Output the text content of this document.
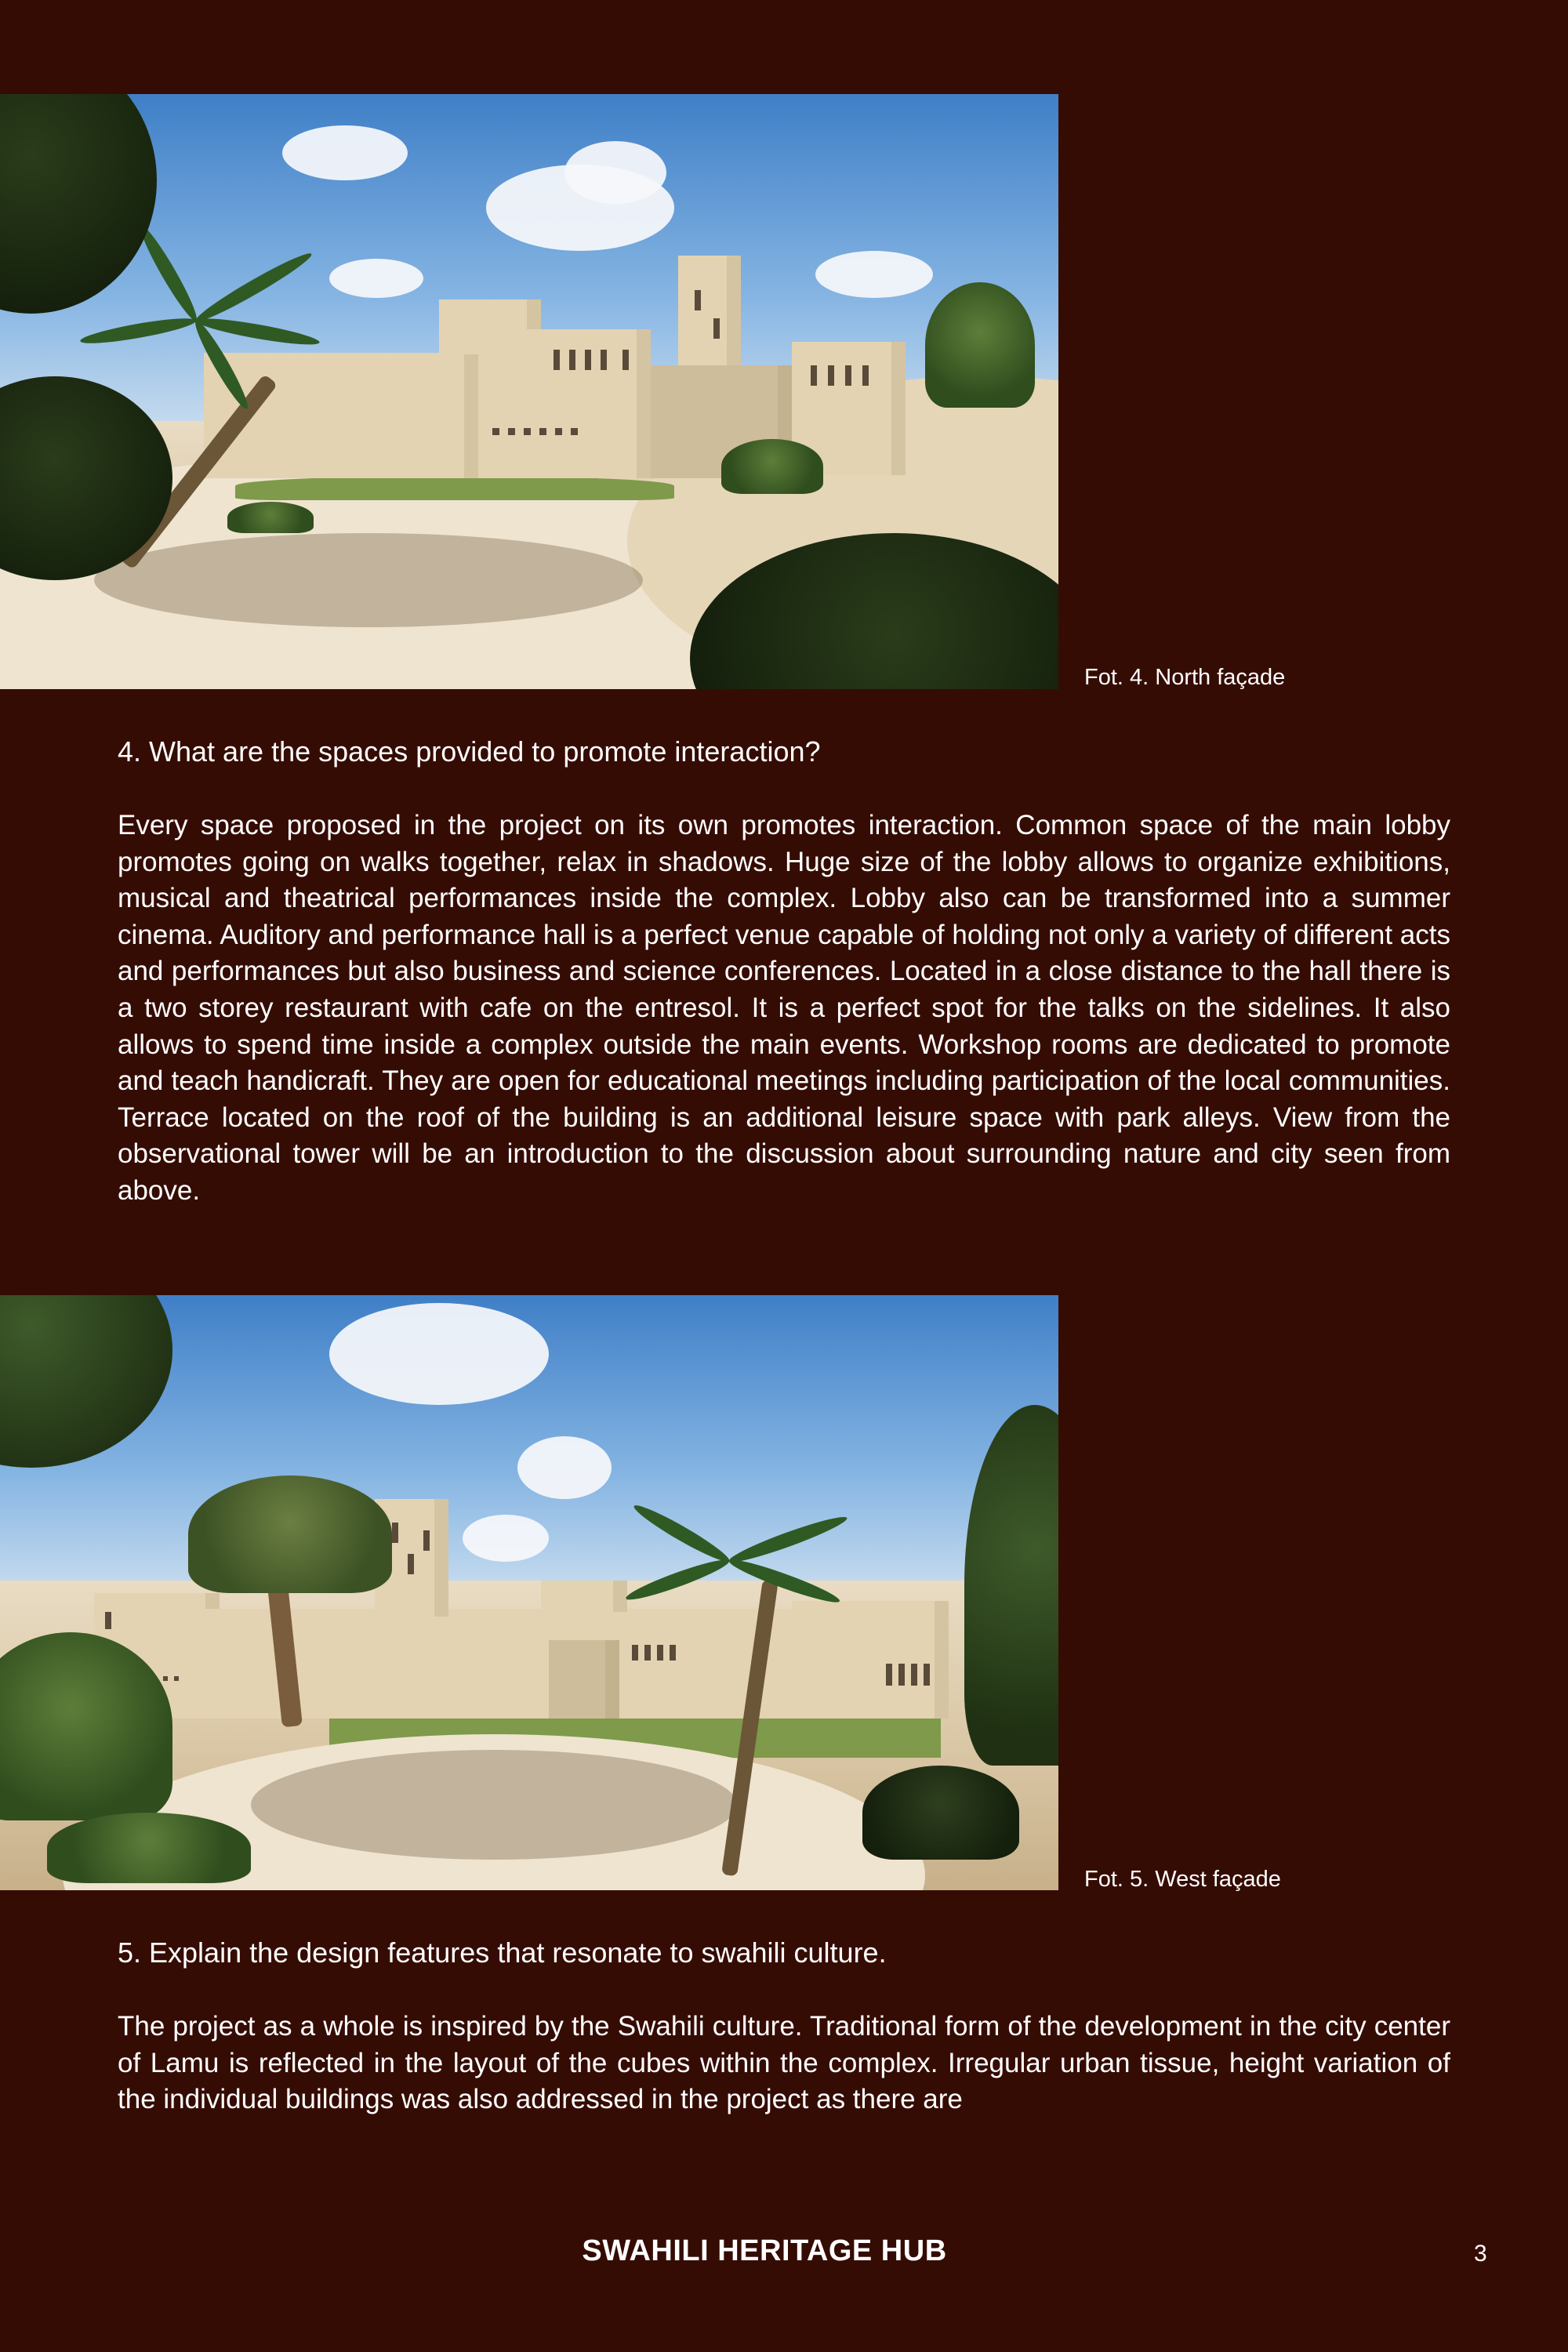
Fot. 4. North façade
4. What are the spaces provided to promote interaction?

Every space proposed in the project on its own promotes interaction. Common space of the main lobby promotes going on walks together, relax in shadows. Huge size of the lobby allows to organize exhibitions, musical and theatrical performances inside the complex. Lobby also can be transformed into a summer cinema. Auditory and performance hall is a perfect venue capable of holding not only a variety of different acts and performances but also business and science conferences. Located in a close distance to the hall there is a two storey restaurant with cafe on the entresol. It is a perfect spot for the talks on the sidelines. It also allows to spend time inside a complex outside the main events. Workshop rooms are dedicated to promote and teach handicraft. They are open for educational meetings including participation of the local communities. Terrace located on the roof of the building is an additional leisure space with park alleys. View from the observational tower will be an introduction to the discussion about surrounding nature and city seen from above.

Fot. 5. West façade
5. Explain the design features that resonate to swahili culture.

The project as a whole is inspired by the Swahili culture. Traditional form of the development in the city center of Lamu is reflected in the layout of the cubes within the complex. Irregular urban tissue, height variation of the individual buildings was also addressed in the project as there are

SWAHILI HERITAGE HUB	3
